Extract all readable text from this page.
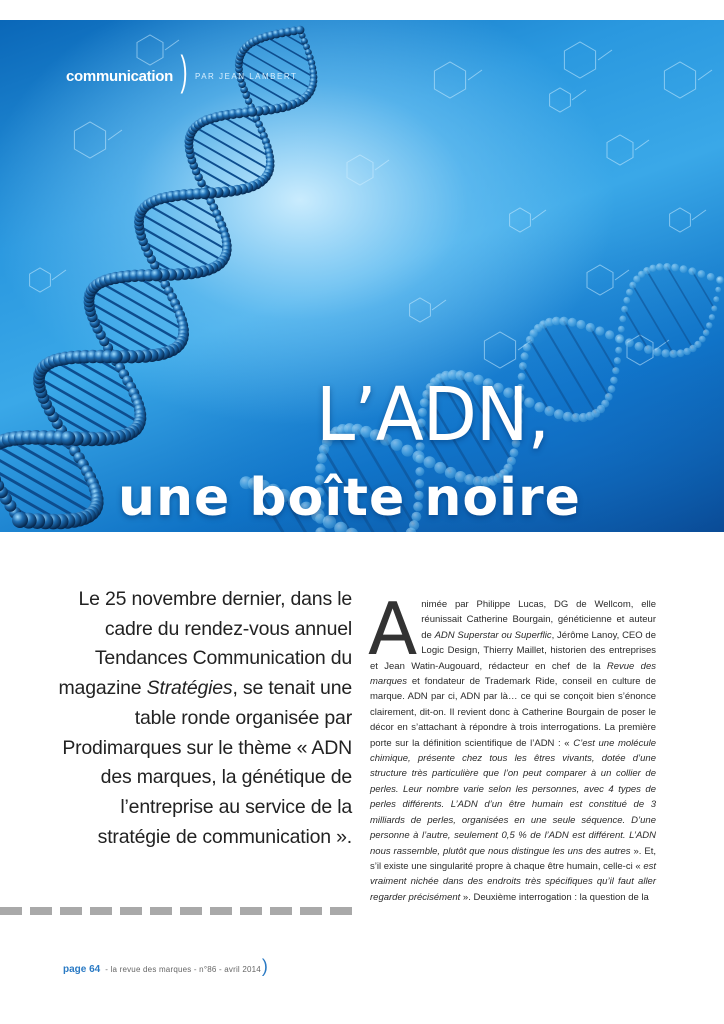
communication ) PAR JEAN LAMBERT
L’ADN,
une boîte noire

Le 25 novembre dernier, dans le cadre du rendez-vous annuel Tendances Communication du magazine Stratégies, se tenait une table ronde organisée par Prodimarques sur le thème « ADN des marques, la génétique de l’entreprise au service de la stratégie de communication ».

Animée par Philippe Lucas, DG de Wellcom, elle réunissait Catherine Bourgain, généticienne et auteur de ADN Superstar ou Superflic, Jérôme Lanoy, CEO de Logic Design, Thierry Maillet, historien des entreprises et Jean Watin-Augouard, rédacteur en chef de la Revue des marques et fondateur de Trademark Ride, conseil en culture de marque. ADN par ci, ADN par là… ce qui se conçoit bien s’énonce clairement, dit-on. Il revient donc à Catherine Bourgain de poser le décor en s’attachant à répondre à trois interrogations. La première porte sur la définition scientifique de l’ADN : « C’est une molécule chimique, présente chez tous les êtres vivants, dotée d’une structure très particulière que l’on peut comparer à un collier de perles. Leur nombre varie selon les personnes, avec 4 types de perles différents. L’ADN d’un être humain est constitué de 3 milliards de perles, organisées en une seule séquence. D’une personne à l’autre, seulement 0,5 % de l’ADN est différent. L’ADN nous rassemble, plutôt que nous distingue les uns des autres ». Et, s’il existe une singularité propre à chaque être humain, celle-ci « est vraiment nichée dans des endroits très spécifiques qu’il faut aller regarder précisément ». Deuxième interrogation : la question de la

page 64 - la revue des marques - n°86 - avril 2014 )
